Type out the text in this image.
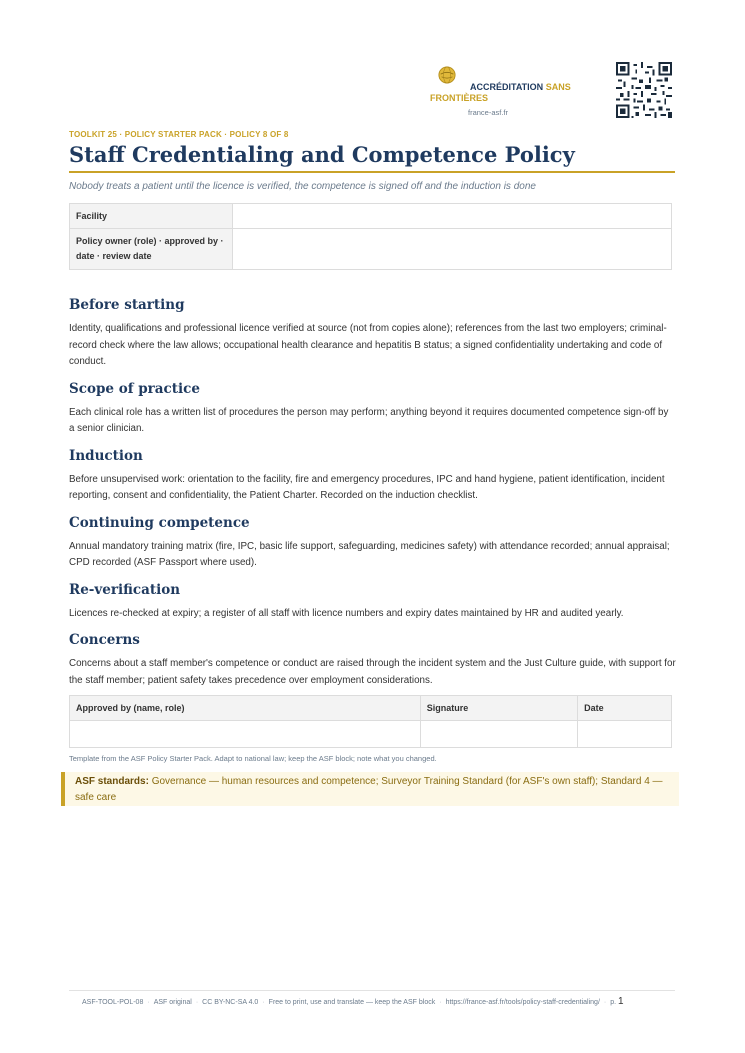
ACCRÉDITATION SANS FRONTIÈRES
france-asf.fr
TOOLKIT 25 · POLICY STARTER PACK · POLICY 8 OF 8
Staff Credentialing and Competence Policy
Nobody treats a patient until the licence is verified, the competence is signed off and the induction is done
Facility	
Policy owner (role) · approved by · date · review date	
Before starting

Identity, qualifications and professional licence verified at source (not from copies alone); references from the last two employers; criminal-record check where the law allows; occupational health clearance and hepatitis B status; a signed confidentiality undertaking and code of conduct.

Scope of practice

Each clinical role has a written list of procedures the person may perform; anything beyond it requires documented competence sign-off by a senior clinician.

Induction

Before unsupervised work: orientation to the facility, fire and emergency procedures, IPC and hand hygiene, patient identification, incident reporting, consent and confidentiality, the Patient Charter. Recorded on the induction checklist.

Continuing competence

Annual mandatory training matrix (fire, IPC, basic life support, safeguarding, medicines safety) with attendance recorded; annual appraisal; CPD recorded (ASF Passport where used).

Re-verification

Licences re-checked at expiry; a register of all staff with licence numbers and expiry dates maintained by HR and audited yearly.

Concerns

Concerns about a staff member's competence or conduct are raised through the incident system and the Just Culture guide, with support for the staff member; patient safety takes precedence over employment considerations.

Approved by (name, role)	Signature	Date

Template from the ASF Policy Starter Pack. Adapt to national law; keep the ASF block; note what you changed.
ASF standards: Governance — human resources and competence; Surveyor Training Standard (for ASF's own staff); Standard 4 — safe care
ASF-TOOL-POL-08 · ASF original · CC BY-NC-SA 4.0 · Free to print, use and translate — keep the ASF block · https://france-asf.fr/tools/policy-staff-credentialing/ · p. 1
